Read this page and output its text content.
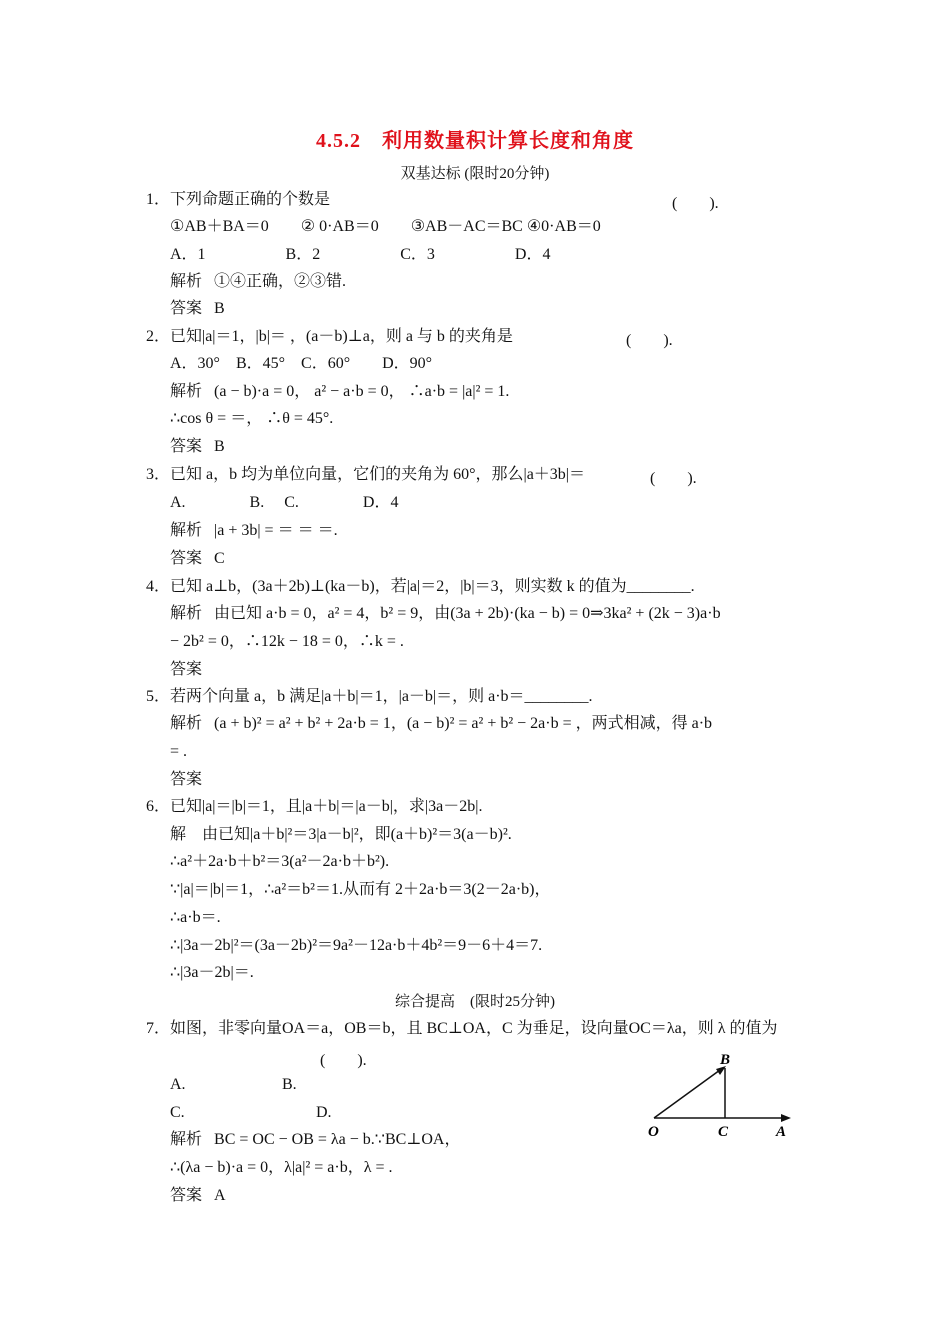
4.5.2　利用数量积计算长度和角度
双基达标 (限时20分钟)
1． 下列命题正确的个数是	(　　).
①AB＋BA＝0　　② 0·AB＝0　　③AB－AC＝BC ④0·AB＝0
A．1　　　　　B．2　　　　　C．3　　　　　D．4
解析 ①④正确，②③错.
答案 B
2． 已知|a|＝1，|b|＝ ，(a－b)⊥a，则 a 与 b 的夹角是	(　　).
A．30°　B．45°　C．60°　　D．90°
解析 (a − b)·a = 0， a² − a·b = 0， ∴a·b = |a|² = 1.
∴cos θ = ＝， ∴θ = 45°.
答案 B
3． 已知 a，b 均为单位向量，它们的夹角为 60°，那么|a＋3b|＝	(　　).
A.　　　　B.　 C.　　　　D．4
解析 |a + 3b| = ＝ ＝ ＝.
答案 C
4． 已知 a⊥b，(3a＋2b)⊥(ka－b)，若|a|＝2，|b|＝3，则实数 k 的值为________.
解析 由已知 a·b = 0，a² = 4，b² = 9，由(3a + 2b)·(ka − b) = 0⇒3ka² + (2k − 3)a·b
− 2b² = 0，∴12k − 18 = 0，∴k = .
答案
5． 若两个向量 a，b 满足|a＋b|＝1，|a－b|＝，则 a·b＝________.
解析 (a + b)² = a² + b² + 2a·b = 1，(a − b)² = a² + b² − 2a·b = ，两式相减，得 a·b
= .
答案
6． 已知|a|＝|b|＝1，且|a＋b|＝|a－b|，求|3a－2b|.
解 由已知|a＋b|²＝3|a－b|²，即(a＋b)²＝3(a－b)².
∴a²＋2a·b＋b²＝3(a²－2a·b＋b²).
∵|a|＝|b|＝1，∴a²＝b²＝1.从而有 2＋2a·b＝3(2－2a·b)，
∴a·b＝.
∴|3a－2b|²＝(3a－2b)²＝9a²－12a·b＋4b²＝9－6＋4＝7.
∴|3a－2b|＝.
综合提高　(限时25分钟)
7． 如图，非零向量OA＝a，OB＝b，且 BC⊥OA，C 为垂足，设向量OC＝λa，则 λ 的值为
(　　).
A.	B.
C.	D.
解析 BC = OC − OB = λa − b.∵BC⊥OA，
∴(λa − b)·a = 0，λ|a|² = a·b，λ = .
答案 A
B
O	C	A
